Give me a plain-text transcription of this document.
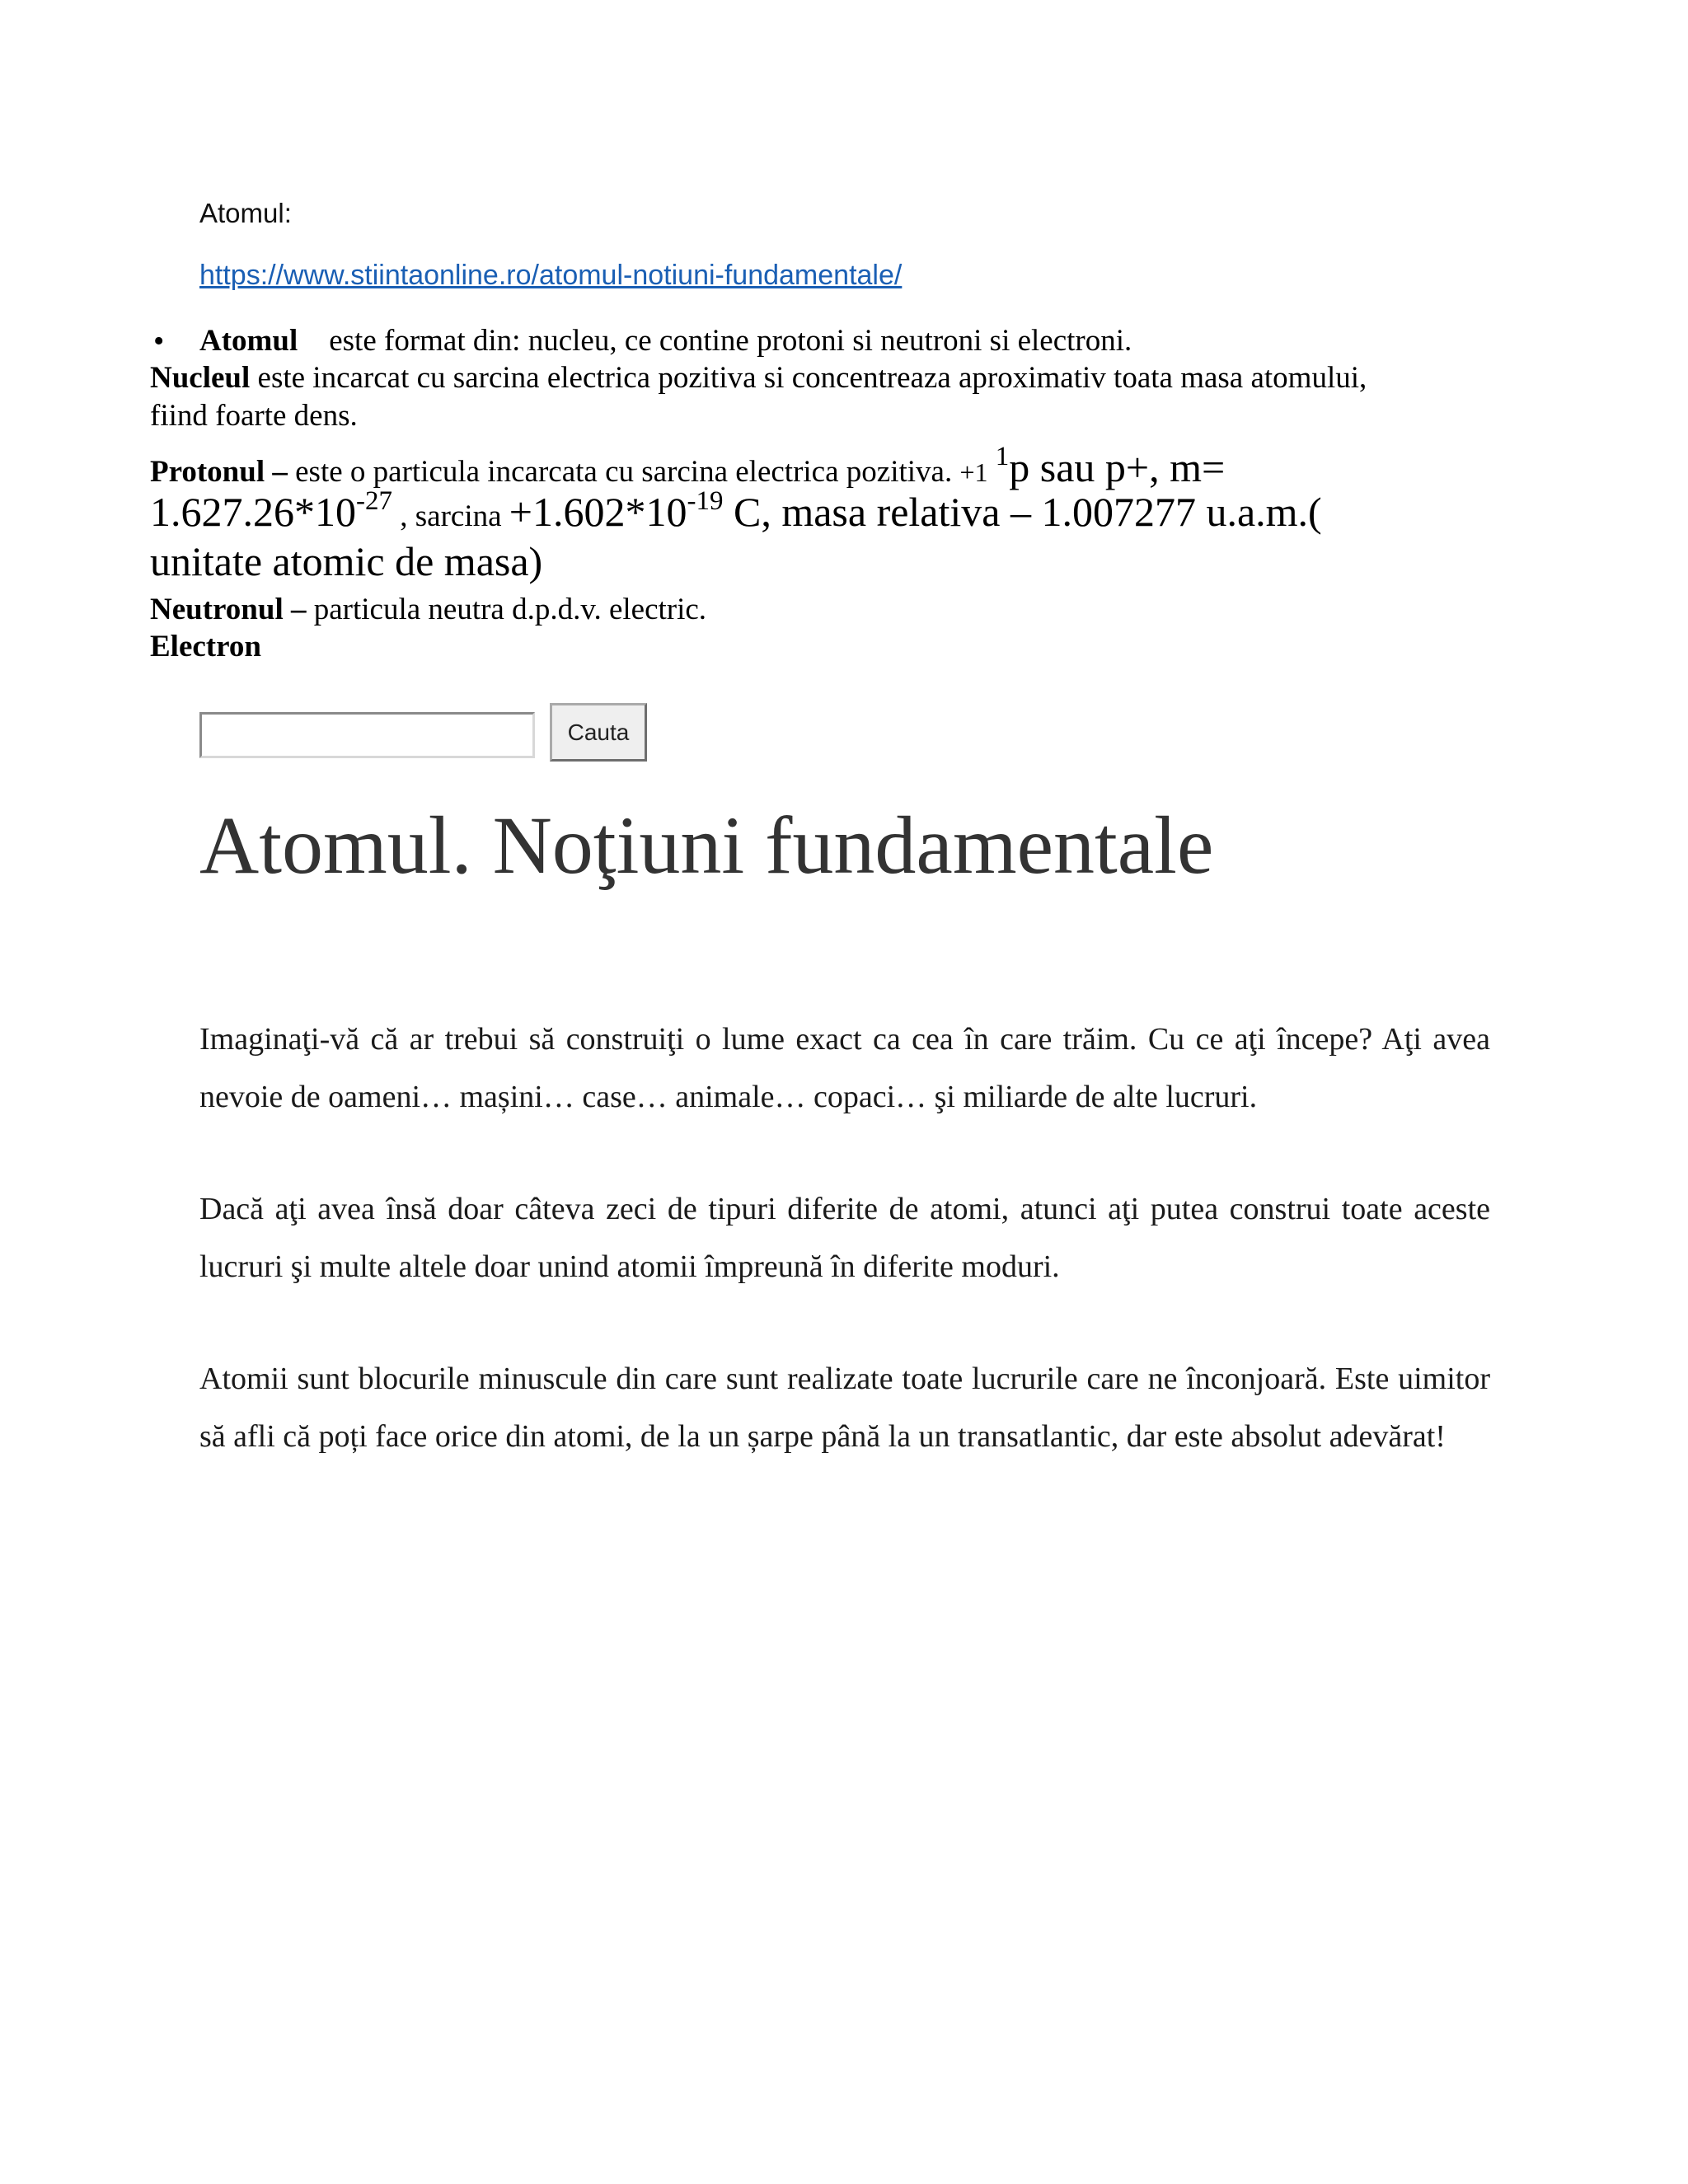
Atomul:
https://www.stiintaonline.ro/atomul-notiuni-fundamentale/
• Atomul este format din: nucleu, ce contine protoni si neutroni si electroni.
Nucleul este incarcat cu sarcina electrica pozitiva si concentreaza aproximativ toata masa atomului,
fiind foarte dens.
Protonul – este o particula incarcata cu sarcina electrica pozitiva. +1 1p sau p+, m=
$1.627.26*10^{-27}$ , sarcina $+1.602*10^{-19}$ C, masa relativa – 1.007277 u.a.m.(
unitate atomic de masa)
Neutronul – particula neutra d.p.d.v. electric.
Electron
Cauta
Atomul. Noţiuni fundamentale

Imaginaţi-vă că ar trebui să construiţi o lume exact ca cea în care trăim. Cu ce aţi începe? Aţi avea nevoie de oameni… mașini… case… animale… copaci… şi miliarde de alte lucruri.

Dacă aţi avea însă doar câteva zeci de tipuri diferite de atomi, atunci aţi putea construi toate aceste lucruri şi multe altele doar unind atomii împreună în diferite moduri.

Atomii sunt blocurile minuscule din care sunt realizate toate lucrurile care ne înconjoară. Este uimitor să afli că poți face orice din atomi, de la un șarpe până la un transatlantic, dar este absolut adevărat!
